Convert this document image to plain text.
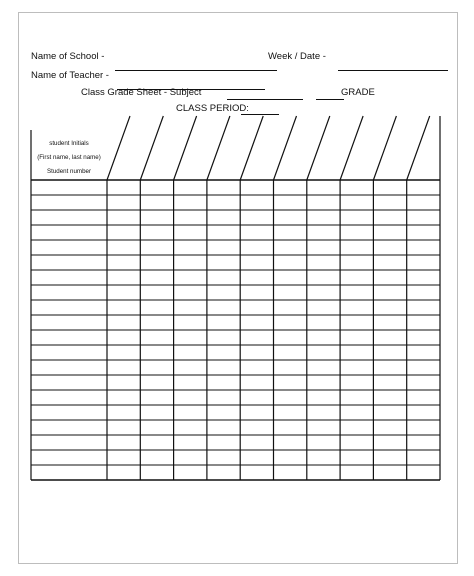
Name of School -	Week / Date -
Name of Teacher -
Class Grade Sheet - Subject	GRADE
CLASS PERIOD:
student Initials
(First name, last name)
Student number
